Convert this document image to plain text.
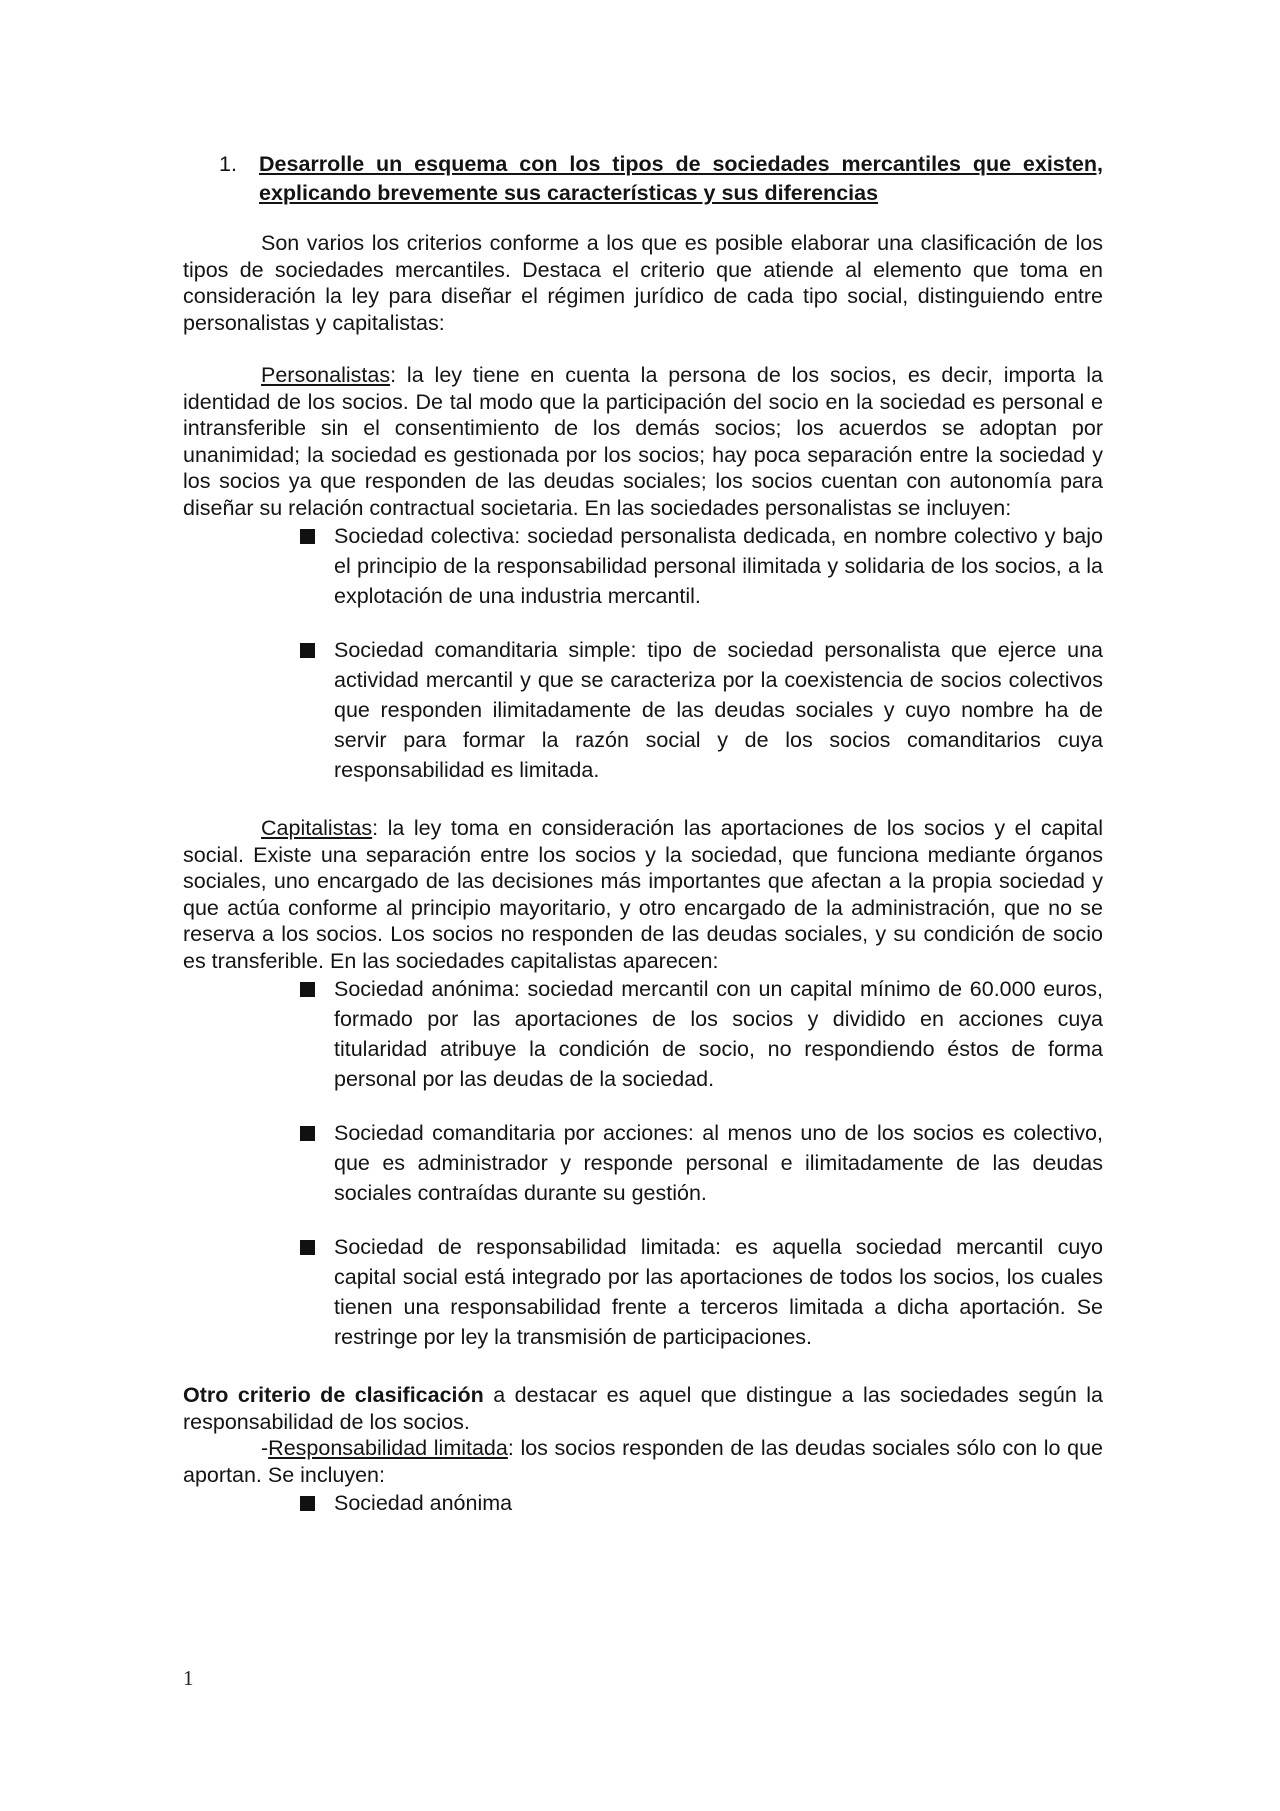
1.	Desarrolle un esquema con los tipos de sociedades mercantiles que existen, explicando brevemente sus características y sus diferencias

Son varios los criterios conforme a los que es posible elaborar una clasificación de los tipos de sociedades mercantiles. Destaca el criterio que atiende al elemento que toma en consideración la ley para diseñar el régimen jurídico de cada tipo social, distinguiendo entre personalistas y capitalistas:

Personalistas: la ley tiene en cuenta la persona de los socios, es decir, importa la identidad de los socios. De tal modo que la participación del socio en la sociedad es personal e intransferible sin el consentimiento de los demás socios; los acuerdos se adoptan por unanimidad; la sociedad es gestionada por los socios; hay poca separación entre la sociedad y los socios ya que responden de las deudas sociales; los socios cuentan con autonomía para diseñar su relación contractual societaria. En las sociedades personalistas se incluyen:

Sociedad colectiva: sociedad personalista dedicada, en nombre colectivo y bajo el principio de la responsabilidad personal ilimitada y solidaria de los socios, a la explotación de una industria mercantil.
Sociedad comanditaria simple: tipo de sociedad personalista que ejerce una actividad mercantil y que se caracteriza por la coexistencia de socios colectivos que responden ilimitadamente de las deudas sociales y cuyo nombre ha de servir para formar la razón social y de los socios comanditarios cuya responsabilidad es limitada.

Capitalistas: la ley toma en consideración las aportaciones de los socios y el capital social. Existe una separación entre los socios y la sociedad, que funciona mediante órganos sociales, uno encargado de las decisiones más importantes que afectan a la propia sociedad y que actúa conforme al principio mayoritario, y otro encargado de la administración, que no se reserva a los socios. Los socios no responden de las deudas sociales, y su condición de socio es transferible. En las sociedades capitalistas aparecen:

Sociedad anónima: sociedad mercantil con un capital mínimo de 60.000 euros, formado por las aportaciones de los socios y dividido en acciones cuya titularidad atribuye la condición de socio, no respondiendo éstos de forma personal por las deudas de la sociedad.
Sociedad comanditaria por acciones: al menos uno de los socios es colectivo, que es administrador y responde personal e ilimitadamente de las deudas sociales contraídas durante su gestión.
Sociedad de responsabilidad limitada: es aquella sociedad mercantil cuyo capital social está integrado por las aportaciones de todos los socios, los cuales tienen una responsabilidad frente a terceros limitada a dicha aportación. Se restringe por ley la transmisión de participaciones.

Otro criterio de clasificación a destacar es aquel que distingue a las sociedades según la responsabilidad de los socios.

-Responsabilidad limitada: los socios responden de las deudas sociales sólo con lo que aportan. Se incluyen:

Sociedad anónima
1
